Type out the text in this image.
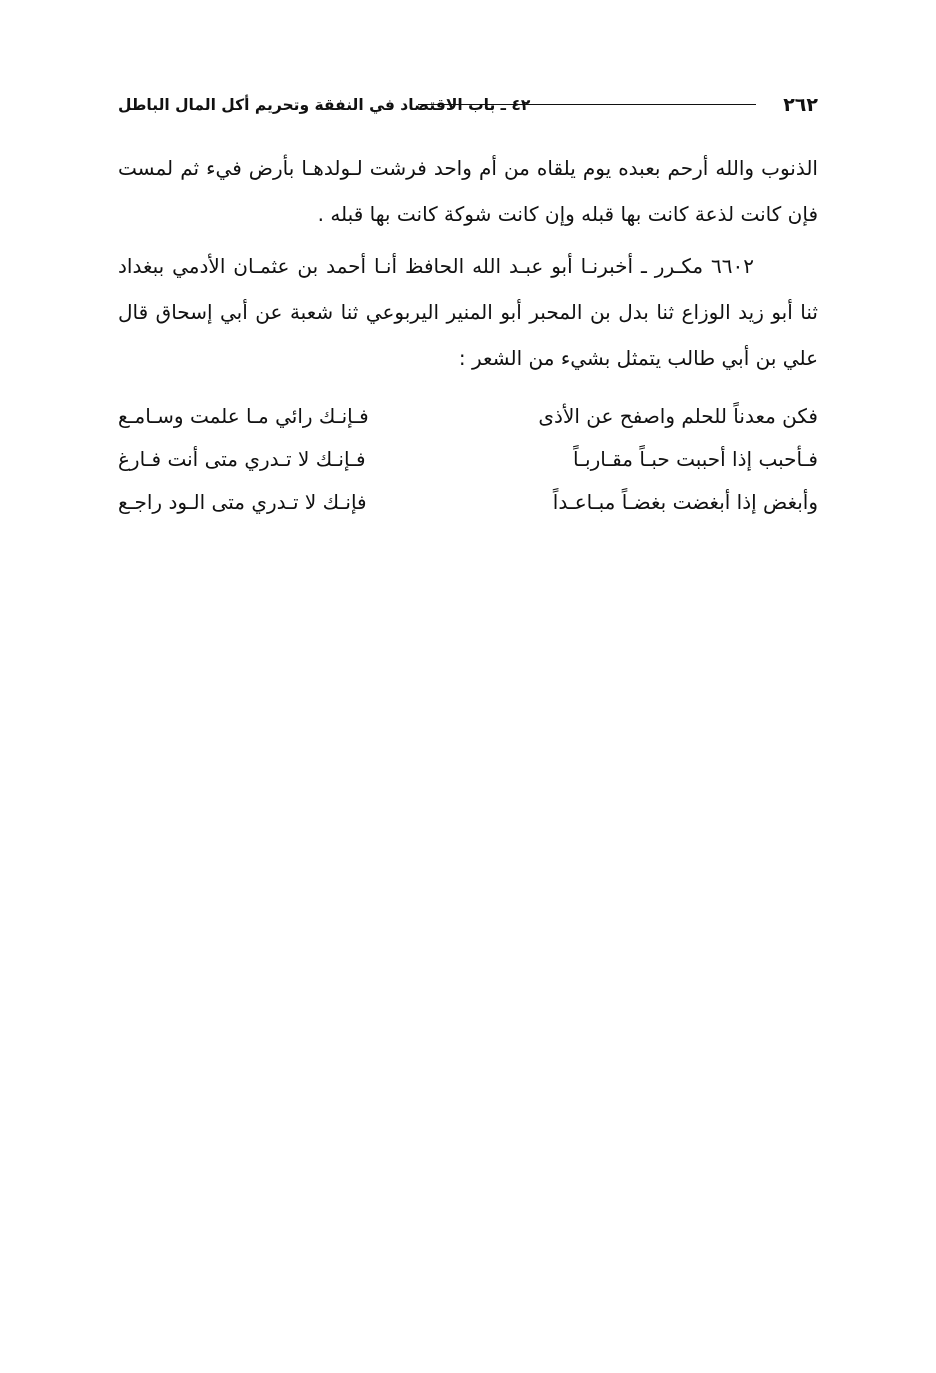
٢٦٢
٤٢ ـ باب الاقتصاد في النفقة وتحريم أكل المال الباطل

الذنوب والله أرحم بعبده يوم يلقاه من أم واحد فرشت لـولدهـا بأرض فيء ثم لمست فإن كانت لذعة كانت بها قبله وإن كانت شوكة كانت بها قبله .

٦٦٠٢ مكـرر ـ أخبرنـا أبو عبـد الله الحافظ أنـا أحمد بن عثمـان الأدمي ببغداد ثنا أبو زيد الوزاع ثنا بدل بن المحبر أبو المنير اليربوعي ثنا شعبة عن أبي إسحاق قال علي بن أبي طالب يتمثل بشيء من الشعر :

فكن معدناً للحلم واصفح عن الأذى
فـإنـك رائي مـا علمت وسـامـع
فـأحبب إذا أحببت حبـاً مقـاربـاً
فـإنـك لا تـدري متى أنت فـارغ
وأبغض إذا أبغضت بغضـاً مبـاعـداً
فإنـك لا تـدري متى الـود راجـع
